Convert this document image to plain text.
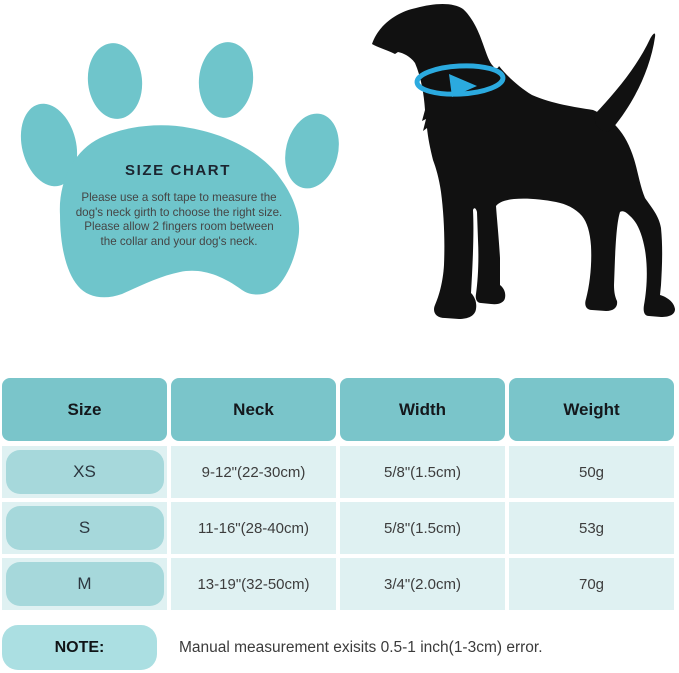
SIZE CHART
Please use a soft tape to measure the
dog's neck girth to choose the right size.
Please allow 2 fingers room between
the collar and your dog's neck.
Size	Neck	Width	Weight
XS	9-12"(22-30cm)	5/8"(1.5cm)	50g
S	11-16"(28-40cm)	5/8"(1.5cm)	53g
M	13-19"(32-50cm)	3/4"(2.0cm)	70g
NOTE:	Manual measurement exisits 0.5-1 inch(1-3cm) error.
